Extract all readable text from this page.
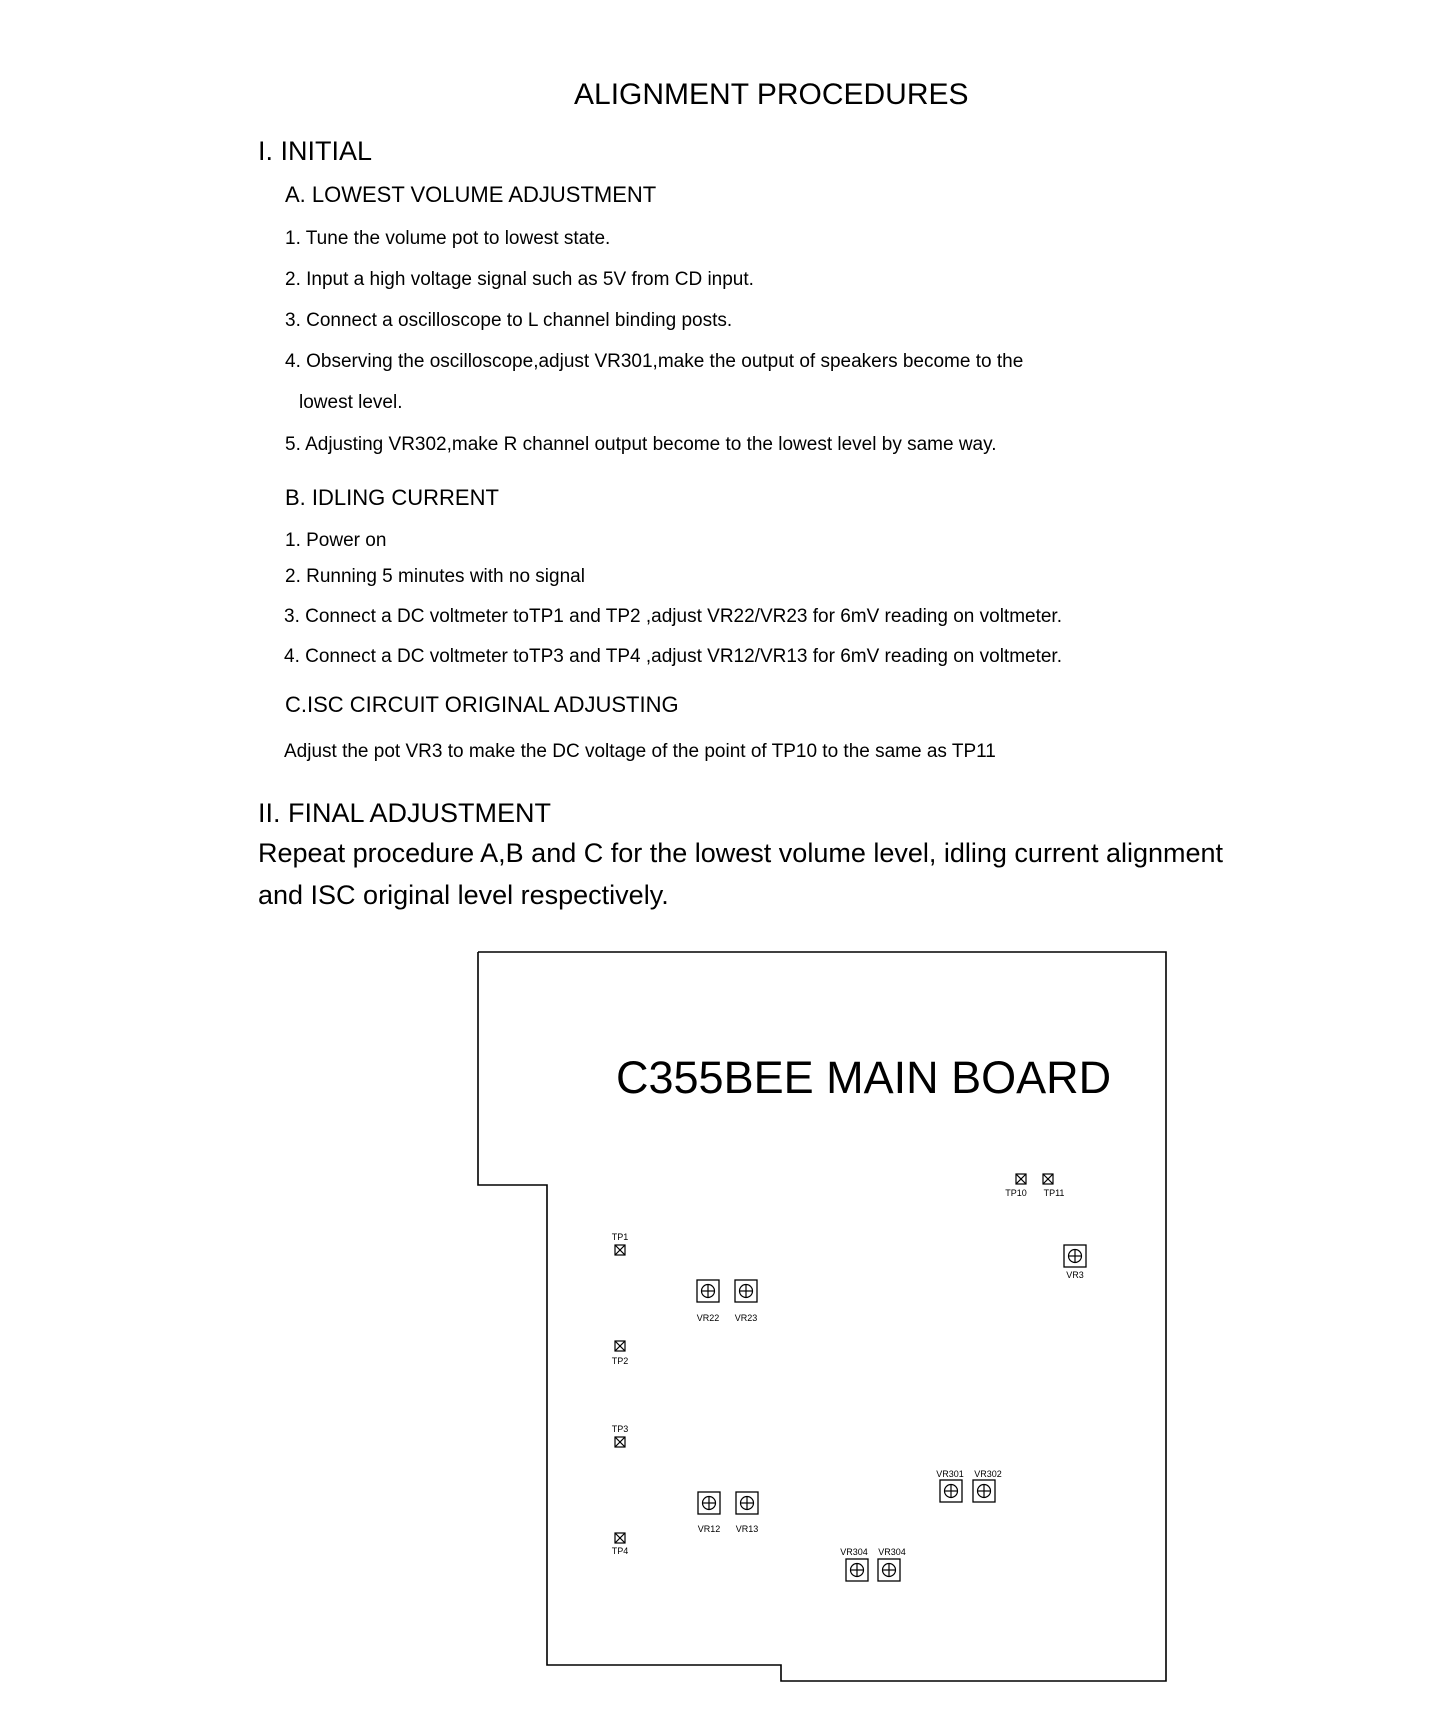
ALIGNMENT PROCEDURES
I. INITIAL
A. LOWEST VOLUME ADJUSTMENT
1. Tune the volume pot to lowest state.
2. Input a high voltage signal such as 5V from CD input.
3. Connect a oscilloscope to L channel binding posts.
4. Observing the oscilloscope,adjust VR301,make the output of speakers become to the
lowest level.
5. Adjusting VR302,make R channel output become to the lowest level by same way.
B. IDLING CURRENT
1. Power on
2. Running 5 minutes with no signal
3. Connect a DC voltmeter toTP1 and TP2 ,adjust VR22/VR23 for 6mV reading on voltmeter.
4. Connect a DC voltmeter toTP3 and TP4 ,adjust VR12/VR13 for 6mV reading on voltmeter.
C.ISC CIRCUIT ORIGINAL ADJUSTING
Adjust the pot VR3 to make the DC voltage of the point of TP10 to the same as TP11
II. FINAL ADJUSTMENT
Repeat procedure A,B and C for the lowest volume level, idling current alignment
and ISC original level respectively.
C355BEE MAIN BOARD
TP1
TP2
TP3
TP4
TP10 TP11
VR22 VR23
VR12 VR13
VR3
VR301 VR302
VR304 VR304
